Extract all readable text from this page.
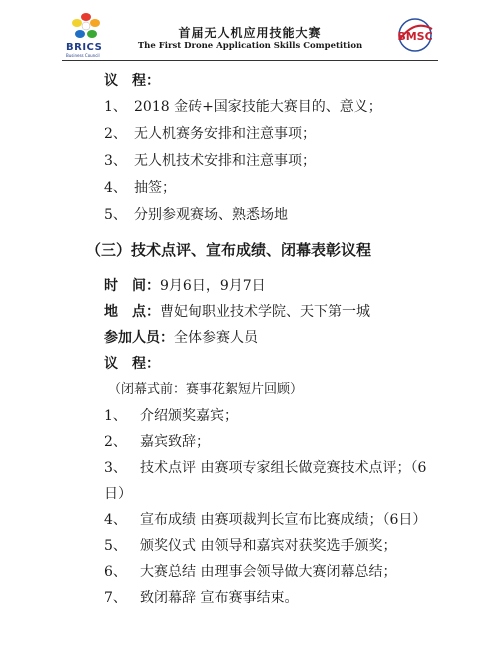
BRICS
Business Council
首届无人机应用技能大赛
The First Drone Application Skills Competition
BMSC
议　程：
1、 2018 金砖+国家技能大赛目的、意义；
2、 无人机赛务安排和注意事项；
3、 无人机技术安排和注意事项；
4、 抽签；
5、 分别参观赛场、熟悉场地
（三）技术点评、宣布成绩、闭幕表彰议程
时　间：9月6日，9月7日
地　点：曹妃甸职业技术学院、天下第一城
参加人员：全体参赛人员
议　程：
（闭幕式前：赛事花絮短片回顾）
1、 介绍颁奖嘉宾；
2、 嘉宾致辞；
3、 技术点评 由赛项专家组长做竞赛技术点评；（6
日）
4、 宣布成绩 由赛项裁判长宣布比赛成绩；（6日）
5、 颁奖仪式 由领导和嘉宾对获奖选手颁奖；
6、 大赛总结 由理事会领导做大赛闭幕总结；
7、 致闭幕辞 宣布赛事结束。
